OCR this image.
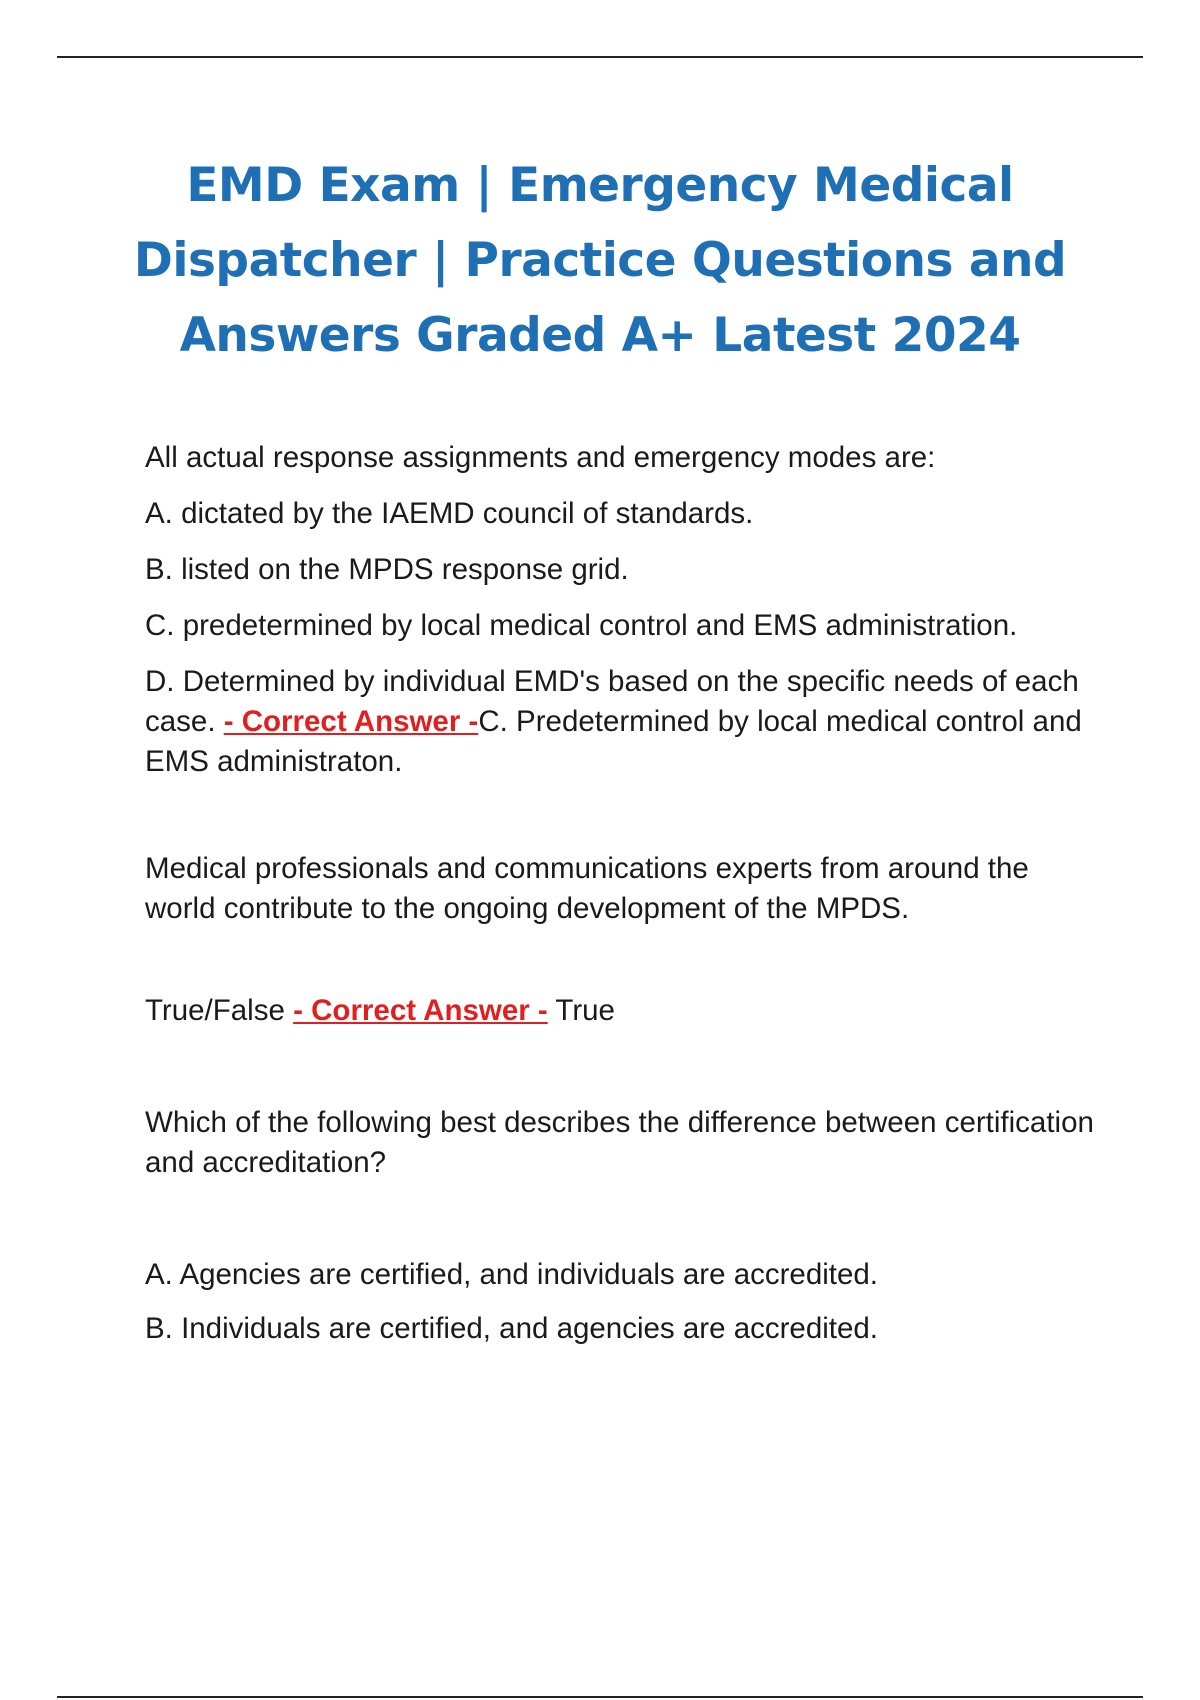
EMD Exam | Emergency Medical Dispatcher | Practice Questions and Answers Graded A+ Latest 2024

All actual response assignments and emergency modes are:

A. dictated by the IAEMD council of standards.

B. listed on the MPDS response grid.

C. predetermined by local medical control and EMS administration.

D. Determined by individual EMD's based on the specific needs of each case. - Correct Answer -C. Predetermined by local medical control and EMS administraton.

Medical professionals and communications experts from around the world contribute to the ongoing development of the MPDS.

True/False - Correct Answer - True

Which of the following best describes the difference between certification and accreditation?

A. Agencies are certified, and individuals are accredited.

B. Individuals are certified, and agencies are accredited.
